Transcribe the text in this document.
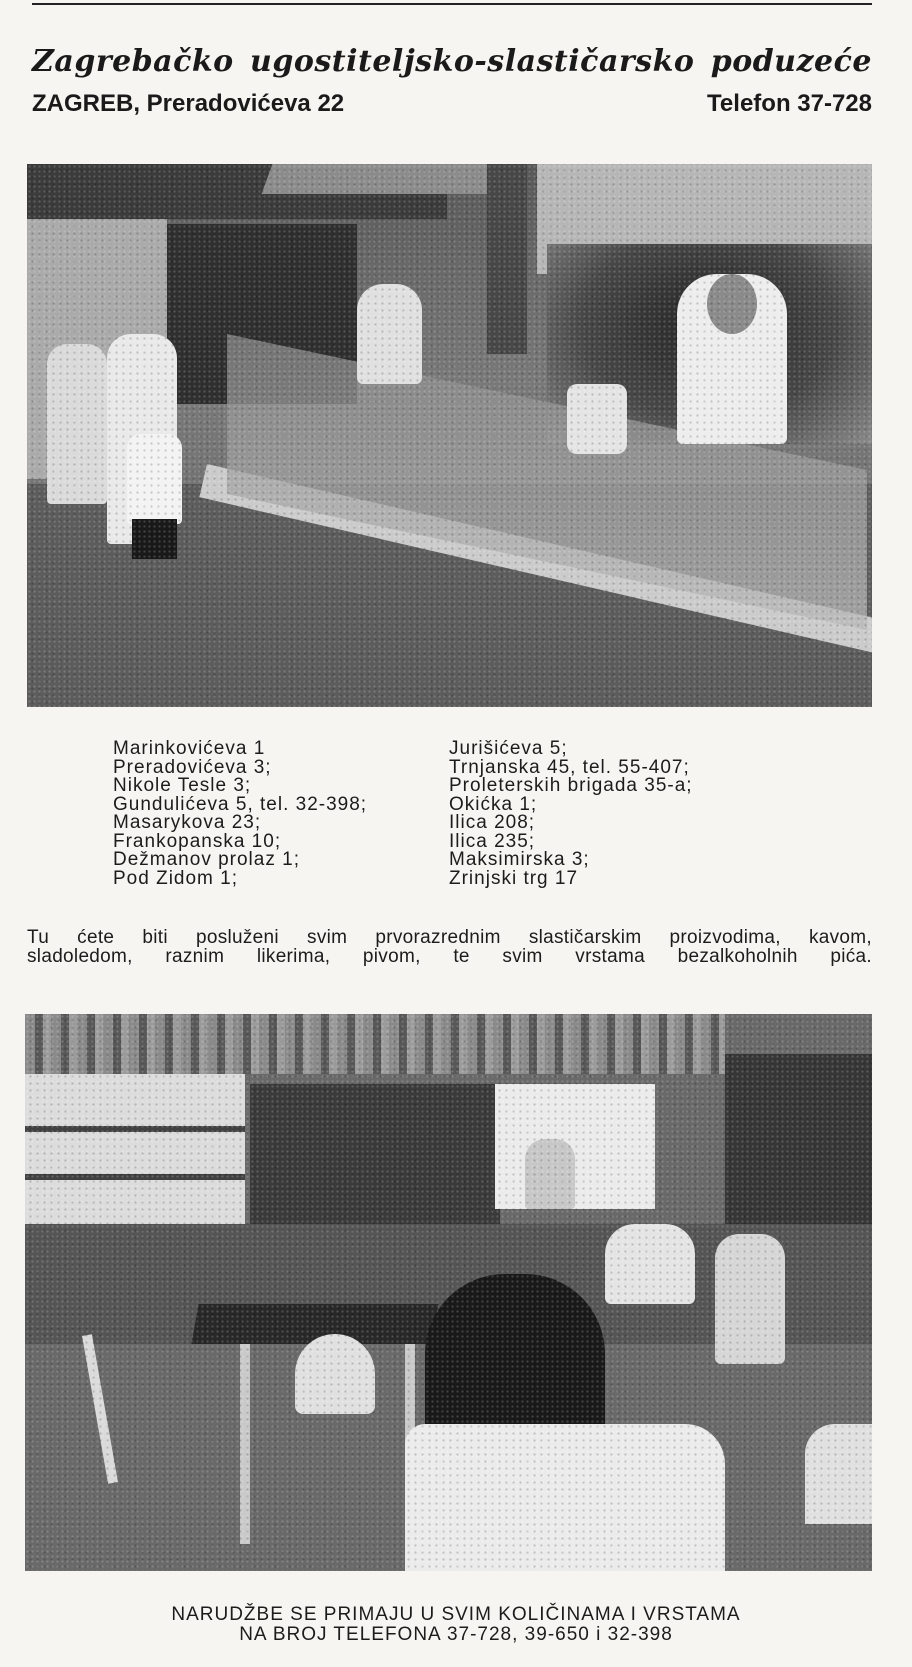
Zagrebačko ugostiteljsko-slastičarsko poduzeće
ZAGREB, Preradovićeva 22	Telefon 37-728
Marinkovićeva 1
Preradovićeva 3;
Nikole Tesle 3;
Gundulićeva 5, tel. 32-398;
Masarykova 23;
Frankopanska 10;
Dežmanov prolaz 1;
Pod Zidom 1;
Jurišićeva 5;
Trnjanska 45, tel. 55-407;
Proleterskih brigada 35-a;
Okićka 1;
Ilica 208;
Ilica 235;
Maksimirska 3;
Zrinjski trg 17
Tu ćete biti posluženi svim prvorazrednim slastičarskim proizvodima, kavom,
sladoledom, raznim likerima, pivom, te svim vrstama bezalkoholnih pića.
NARUDŽBE SE PRIMAJU U SVIM KOLIČINAMA I VRSTAMA
NA BROJ TELEFONA 37-728, 39-650 i 32-398
